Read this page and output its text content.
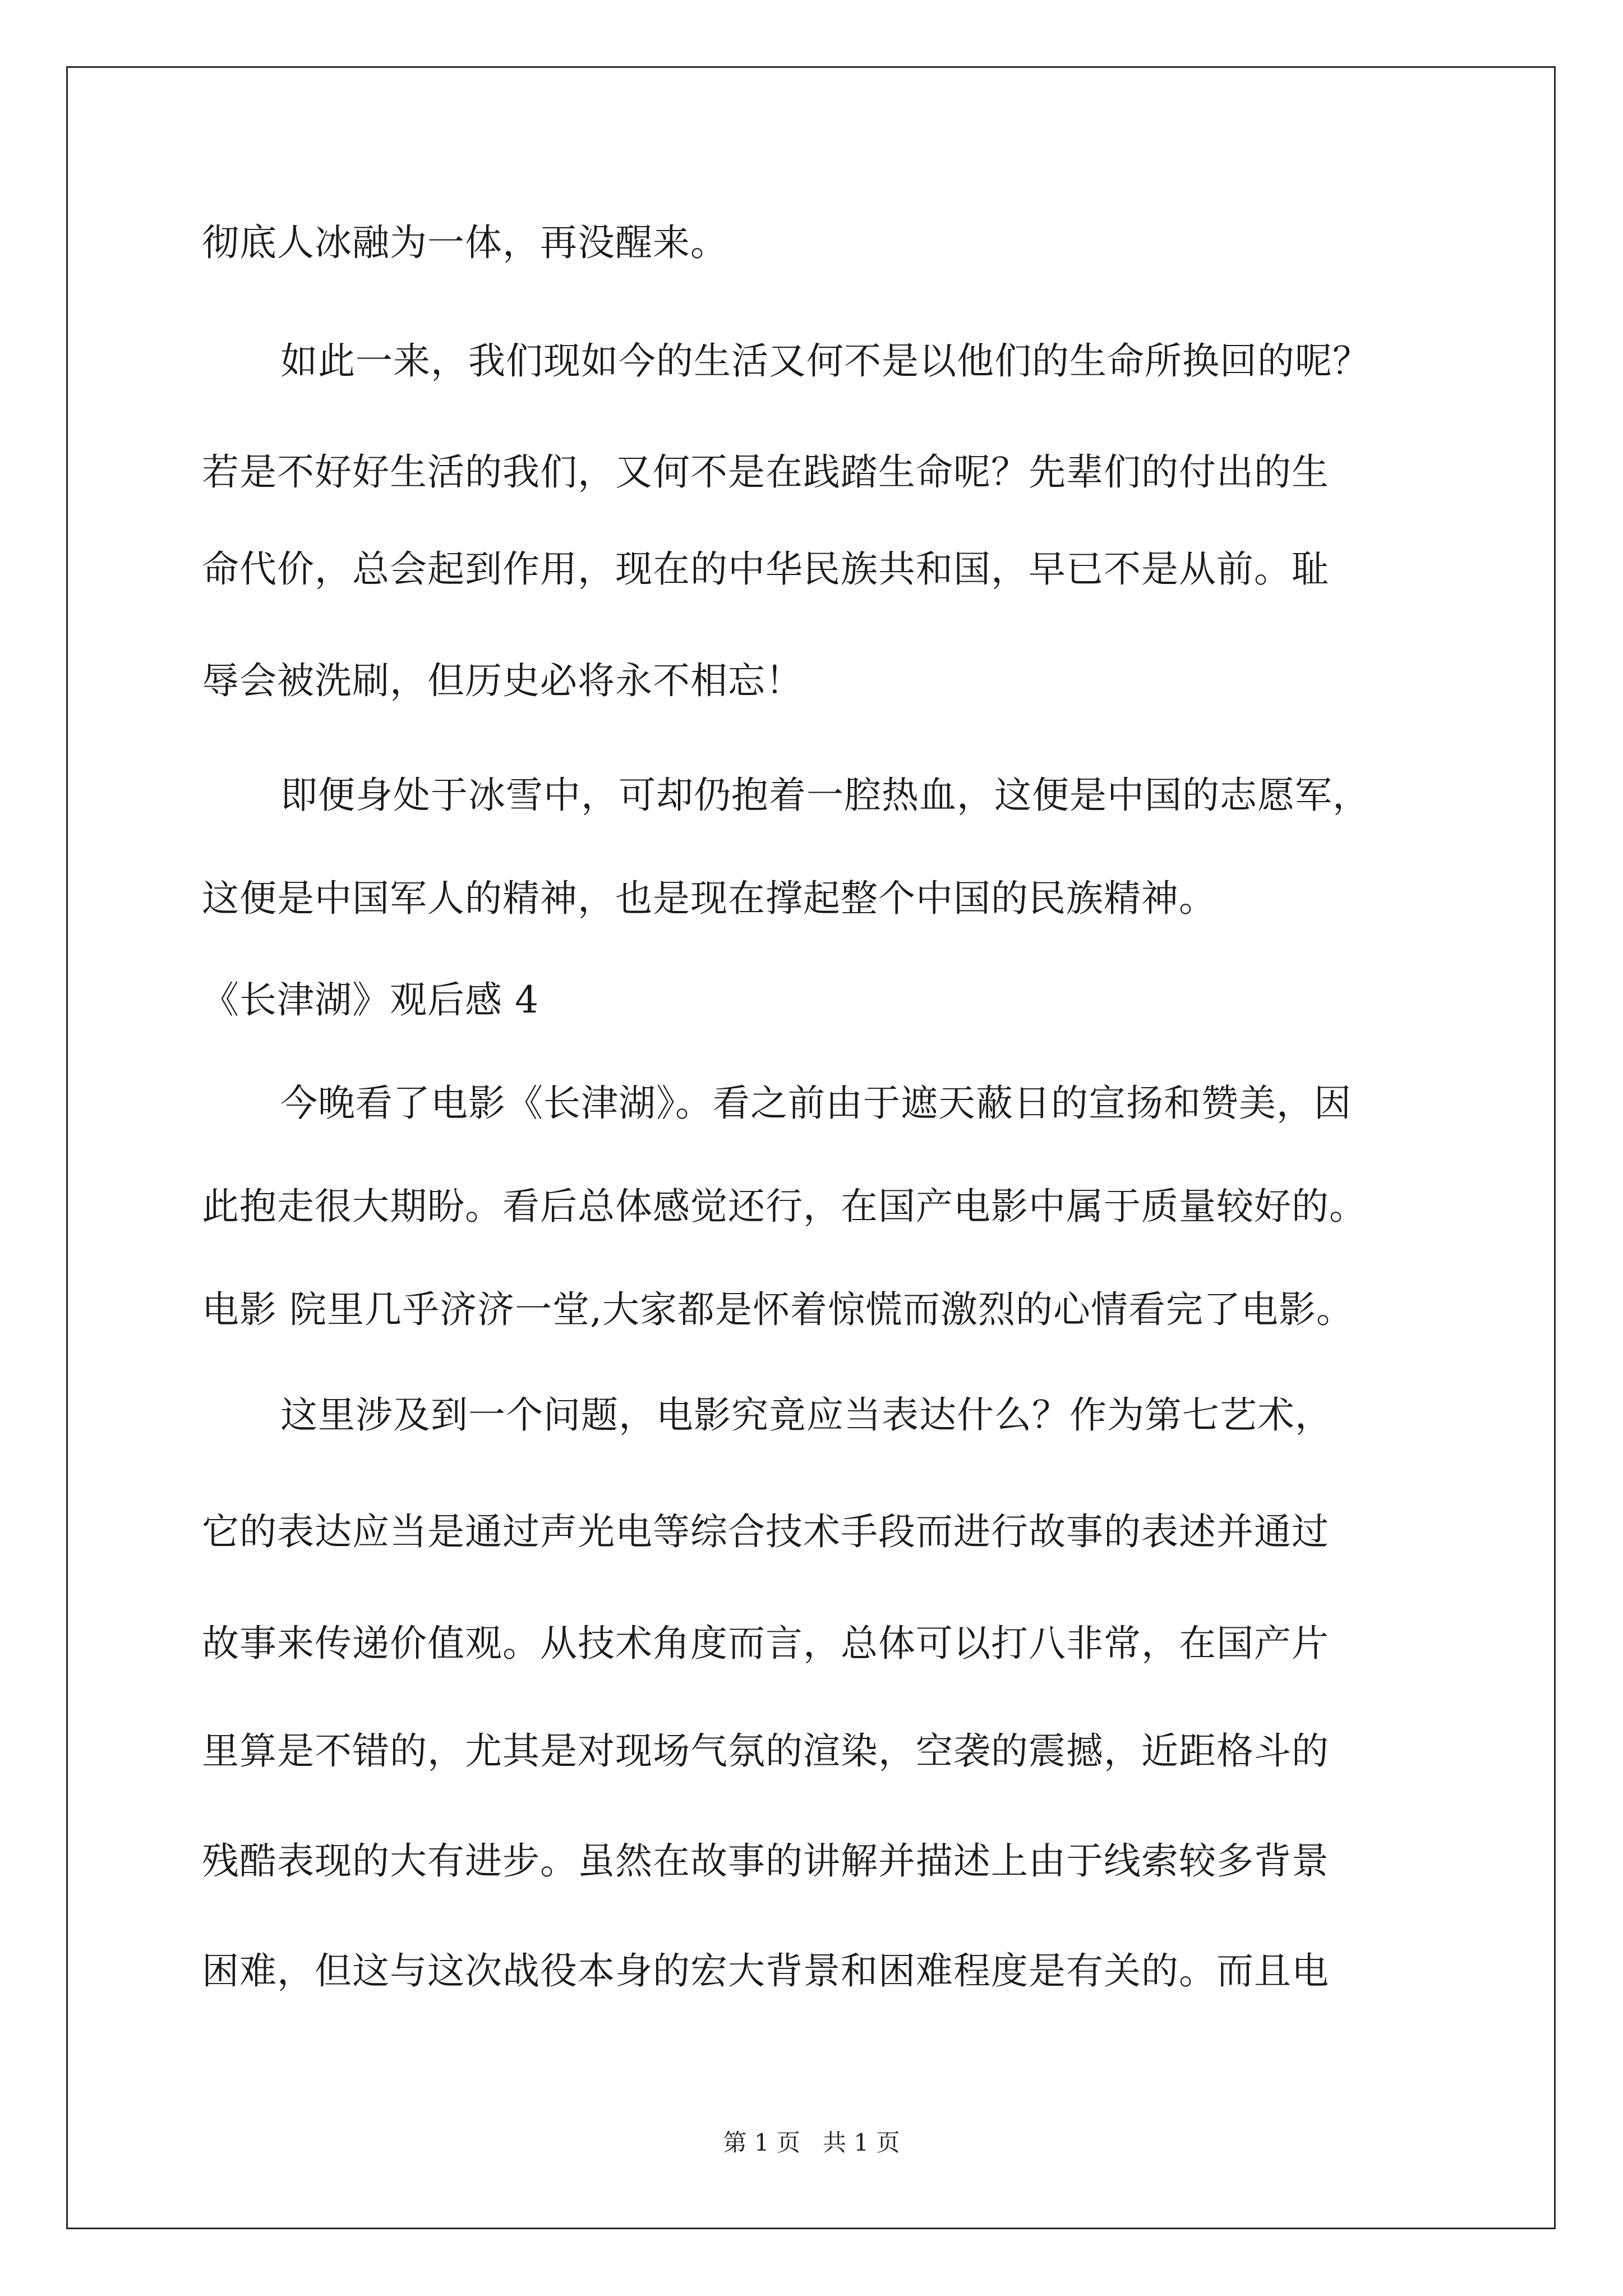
彻底人冰融为一体，再没醒来。
如此一来，我们现如今的生活又何不是以他们的生命所换回的呢？
若是不好好生活的我们，又何不是在践踏生命呢？先辈们的付出的生
命代价，总会起到作用，现在的中华民族共和国，早已不是从前。耻
辱会被洗刷，但历史必将永不相忘！
即便身处于冰雪中，可却仍抱着一腔热血，这便是中国的志愿军，
这便是中国军人的精神，也是现在撑起整个中国的民族精神。
《长津湖》观后感 4
今晚看了电影《长津湖》。看之前由于遮天蔽日的宣扬和赞美，因
此抱走很大期盼。看后总体感觉还行，在国产电影中属于质量较好的。
电影 院里几乎济济一堂,大家都是怀着惊慌而激烈的心情看完了电影。
这里涉及到一个问题，电影究竟应当表达什么？作为第七艺术，
它的表达应当是通过声光电等综合技术手段而进行故事的表述并通过
故事来传递价值观。从技术角度而言，总体可以打八非常，在国产片
里算是不错的，尤其是对现场气氛的渲染，空袭的震撼，近距格斗的
残酷表现的大有进步。虽然在故事的讲解并描述上由于线索较多背景
困难，但这与这次战役本身的宏大背景和困难程度是有关的。而且电
第 1 页   共 1 页
